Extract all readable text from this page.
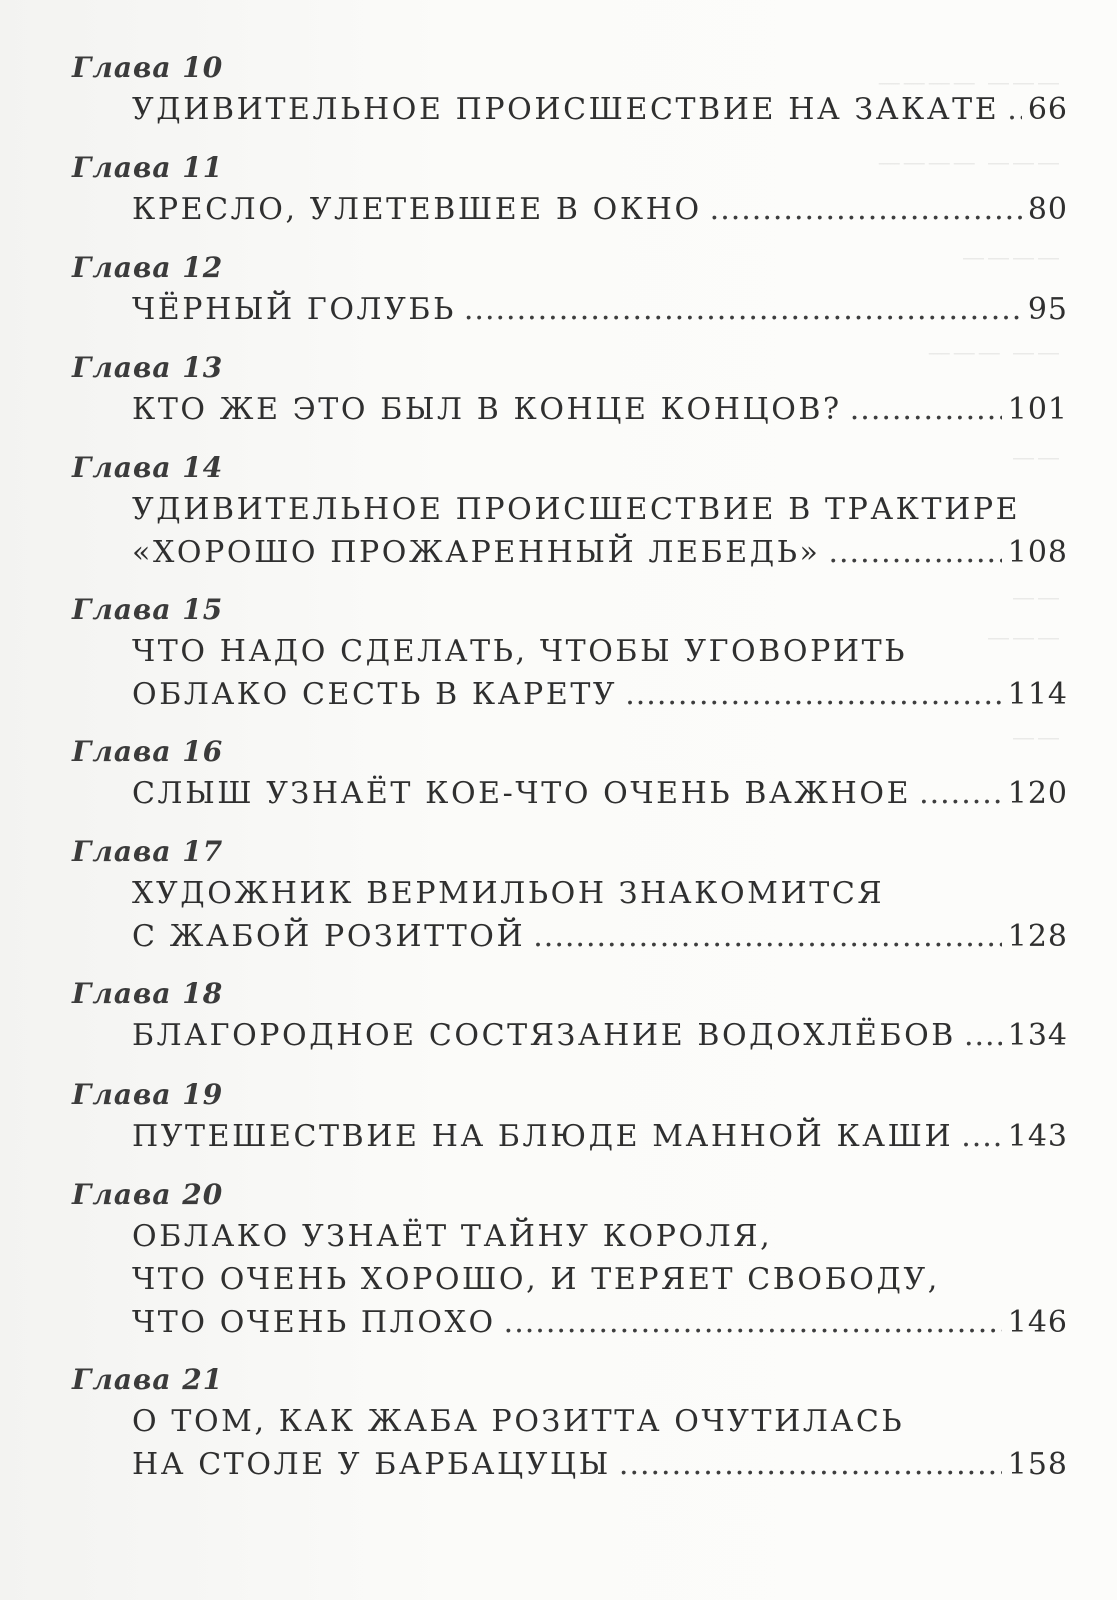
———— ———
———— ———
————
——— ——
——
——
———
——
Глава 10
УДИВИТЕЛЬНОЕ ПРОИСШЕСТВИЕ НА ЗАКАТЕ ..... 66
Глава 11
КРЕСЛО, УЛЕТЕВШЕЕ В ОКНО .....	80
Глава 12
ЧЁРНЫЙ ГОЛУБЬ .....	95
Глава 13
КТО ЖЕ ЭТО БЫЛ В КОНЦЕ КОНЦОВ? .....	101
Глава 14
УДИВИТЕЛЬНОЕ ПРОИСШЕСТВИЕ В ТРАКТИРЕ
«ХОРОШО ПРОЖАРЕННЫЙ ЛЕБЕДЬ» .....	108
Глава 15
ЧТО НАДО СДЕЛАТЬ, ЧТОБЫ УГОВОРИТЬ
ОБЛАКО СЕСТЬ В КАРЕТУ .....	114
Глава 16
СЛЫШ УЗНАЁТ КОЕ-ЧТО ОЧЕНЬ ВАЖНОЕ .....	120
Глава 17
ХУДОЖНИК ВЕРМИЛЬОН ЗНАКОМИТСЯ
С ЖАБОЙ РОЗИТТОЙ .....	128
Глава 18
БЛАГОРОДНОЕ СОСТЯЗАНИЕ ВОДОХЛЁБОВ ..... 134
Глава 19
ПУТЕШЕСТВИЕ НА БЛЮДЕ МАННОЙ КАШИ ..... 143
Глава 20
ОБЛАКО УЗНАЁТ ТАЙНУ КОРОЛЯ,
ЧТО ОЧЕНЬ ХОРОШО, И ТЕРЯЕТ СВОБОДУ,
ЧТО ОЧЕНЬ ПЛОХО .....	146
Глава 21
О ТОМ, КАК ЖАБА РОЗИТТА ОЧУТИЛАСЬ
НА СТОЛЕ У БАРБАЦУЦЫ .....	158
